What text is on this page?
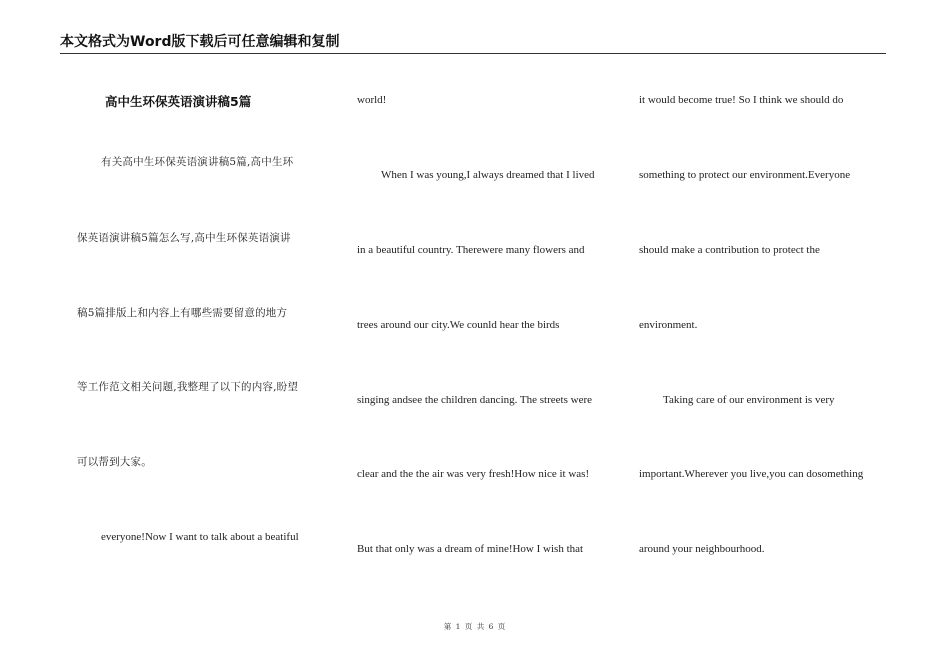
本文格式为Word版下载后可任意编辑和复制
高中生环保英语演讲稿5篇
有关高中生环保英语演讲稿5篇,高中生环
保英语演讲稿5篇怎么写,高中生环保英语演讲
稿5篇排版上和内容上有哪些需要留意的地方
等工作范文相关问题,我整理了以下的内容,盼望
可以帮到大家。
everyone!Now I want to talk about a beatiful
world!
When I was young,I always dreamed that I lived
in a beautiful country. Therewere many flowers and
trees around our city.We counld hear the birds
singing andsee the children dancing. The streets were
clear and the the air was very fresh!How nice it was!
But that only was a dream of mine!How I wish that
it would become true! So I think we should do
something to protect our environment.Everyone
should make a contribution to protect the
environment.
Taking care of our environment is very
important.Wherever you live,you can dosomething
around your neighbourhood.
第 1 页 共 6 页
